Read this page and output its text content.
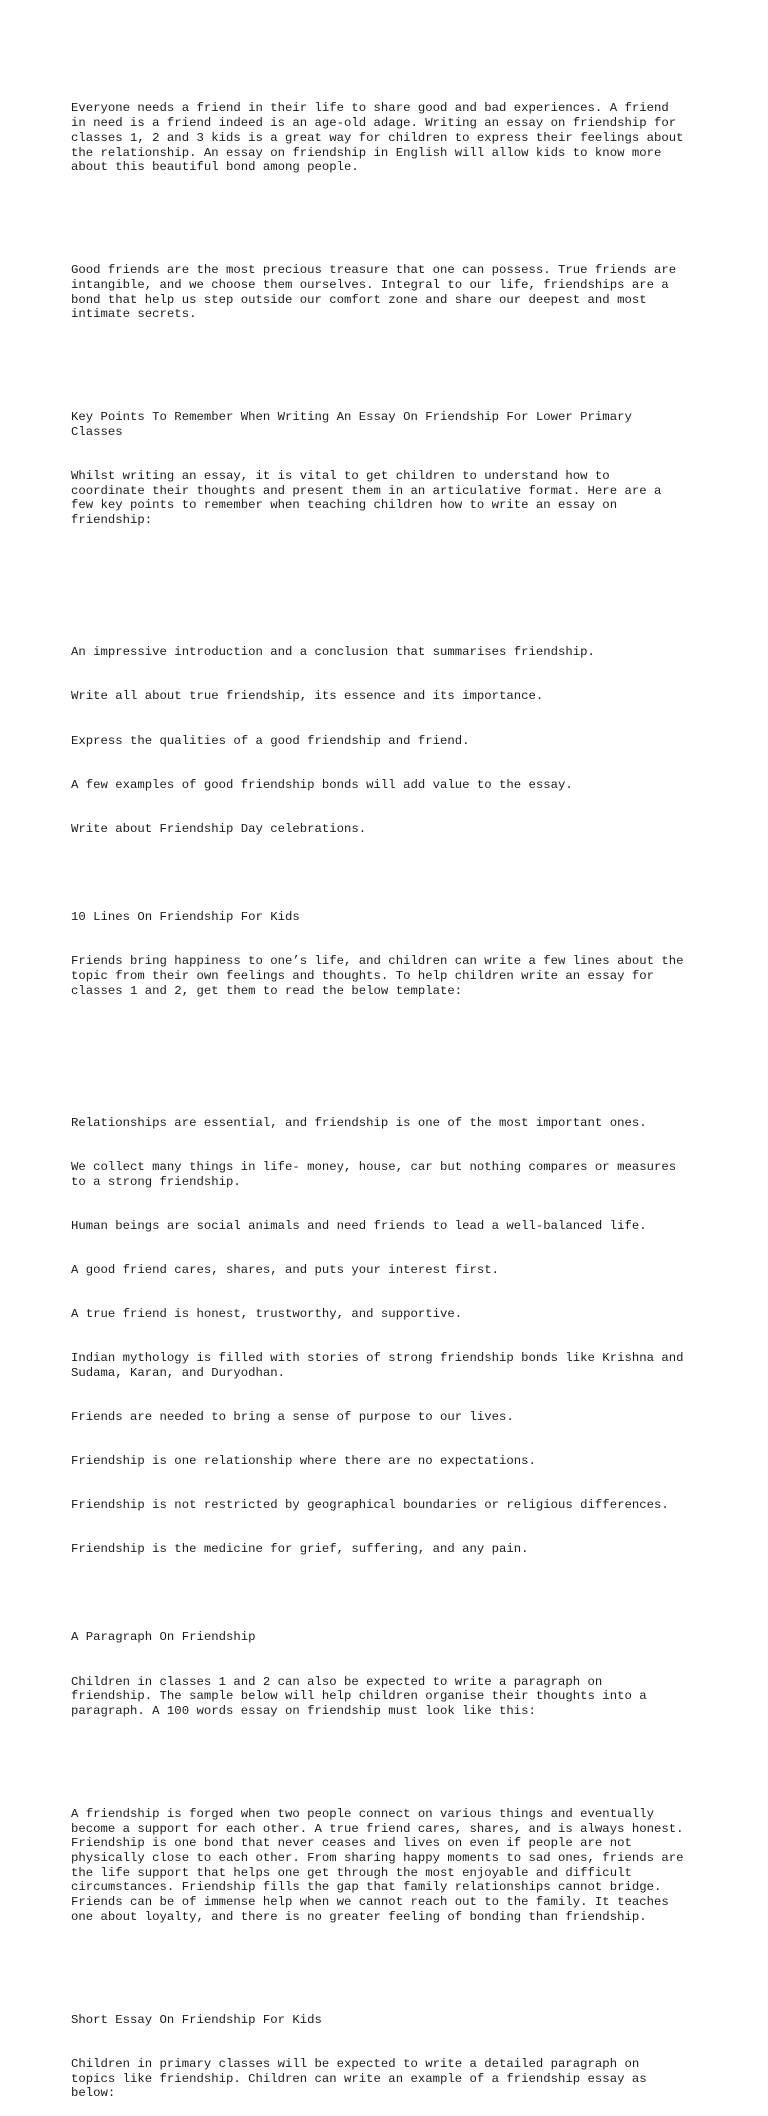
Everyone needs a friend in their life to share good and bad experiences. A friend
in need is a friend indeed is an age-old adage. Writing an essay on friendship for
classes 1, 2 and 3 kids is a great way for children to express their feelings about
the relationship. An essay on friendship in English will allow kids to know more
about this beautiful bond among people.

Good friends are the most precious treasure that one can possess. True friends are
intangible, and we choose them ourselves. Integral to our life, friendships are a
bond that help us step outside our comfort zone and share our deepest and most
intimate secrets.

Key Points To Remember When Writing An Essay On Friendship For Lower Primary
Classes

Whilst writing an essay, it is vital to get children to understand how to
coordinate their thoughts and present them in an articulative format. Here are a
few key points to remember when teaching children how to write an essay on
friendship:

An impressive introduction and a conclusion that summarises friendship.

Write all about true friendship, its essence and its importance.

Express the qualities of a good friendship and friend.

A few examples of good friendship bonds will add value to the essay.

Write about Friendship Day celebrations.

10 Lines On Friendship For Kids

Friends bring happiness to one’s life, and children can write a few lines about the
topic from their own feelings and thoughts. To help children write an essay for
classes 1 and 2, get them to read the below template:

Relationships are essential, and friendship is one of the most important ones.

We collect many things in life- money, house, car but nothing compares or measures
to a strong friendship.

Human beings are social animals and need friends to lead a well-balanced life.

A good friend cares, shares, and puts your interest first.

A true friend is honest, trustworthy, and supportive.

Indian mythology is filled with stories of strong friendship bonds like Krishna and
Sudama, Karan, and Duryodhan.

Friends are needed to bring a sense of purpose to our lives.

Friendship is one relationship where there are no expectations.

Friendship is not restricted by geographical boundaries or religious differences.

Friendship is the medicine for grief, suffering, and any pain.

A Paragraph On Friendship

Children in classes 1 and 2 can also be expected to write a paragraph on
friendship. The sample below will help children organise their thoughts into a
paragraph. A 100 words essay on friendship must look like this:

A friendship is forged when two people connect on various things and eventually
become a support for each other. A true friend cares, shares, and is always honest.
Friendship is one bond that never ceases and lives on even if people are not
physically close to each other. From sharing happy moments to sad ones, friends are
the life support that helps one get through the most enjoyable and difficult
circumstances. Friendship fills the gap that family relationships cannot bridge.
Friends can be of immense help when we cannot reach out to the family. It teaches
one about loyalty, and there is no greater feeling of bonding than friendship.

Short Essay On Friendship For Kids

Children in primary classes will be expected to write a detailed paragraph on
topics like friendship. Children can write an example of a friendship essay as
below:
